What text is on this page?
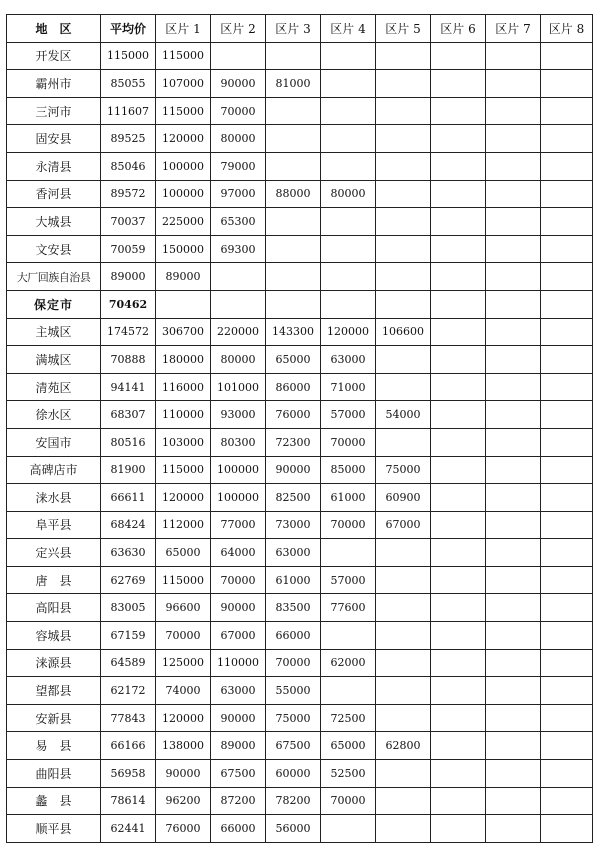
地　区	平均价	区片 1	区片 2	区片 3	区片 4	区片 5	区片 6	区片 7	区片 8
开发区	115000	115000							
霸州市	85055	107000	90000	81000					
三河市	111607	115000	70000						
固安县	89525	120000	80000						
永清县	85046	100000	79000						
香河县	89572	100000	97000	88000	80000				
大城县	70037	225000	65300						
文安县	70059	150000	69300						
大厂回族自治县	89000	89000							
保定市	70462								
主城区	174572	306700	220000	143300	120000	106600			
满城区	70888	180000	80000	65000	63000				
清苑区	94141	116000	101000	86000	71000				
徐水区	68307	110000	93000	76000	57000	54000			
安国市	80516	103000	80300	72300	70000				
高碑店市	81900	115000	100000	90000	85000	75000			
涞水县	66611	120000	100000	82500	61000	60900			
阜平县	68424	112000	77000	73000	70000	67000			
定兴县	63630	65000	64000	63000					
唐　县	62769	115000	70000	61000	57000				
高阳县	83005	96600	90000	83500	77600				
容城县	67159	70000	67000	66000					
涞源县	64589	125000	110000	70000	62000				
望都县	62172	74000	63000	55000					
安新县	77843	120000	90000	75000	72500				
易　县	66166	138000	89000	67500	65000	62800			
曲阳县	56958	90000	67500	60000	52500				
蠡　县	78614	96200	87200	78200	70000				
顺平县	62441	76000	66000	56000					
